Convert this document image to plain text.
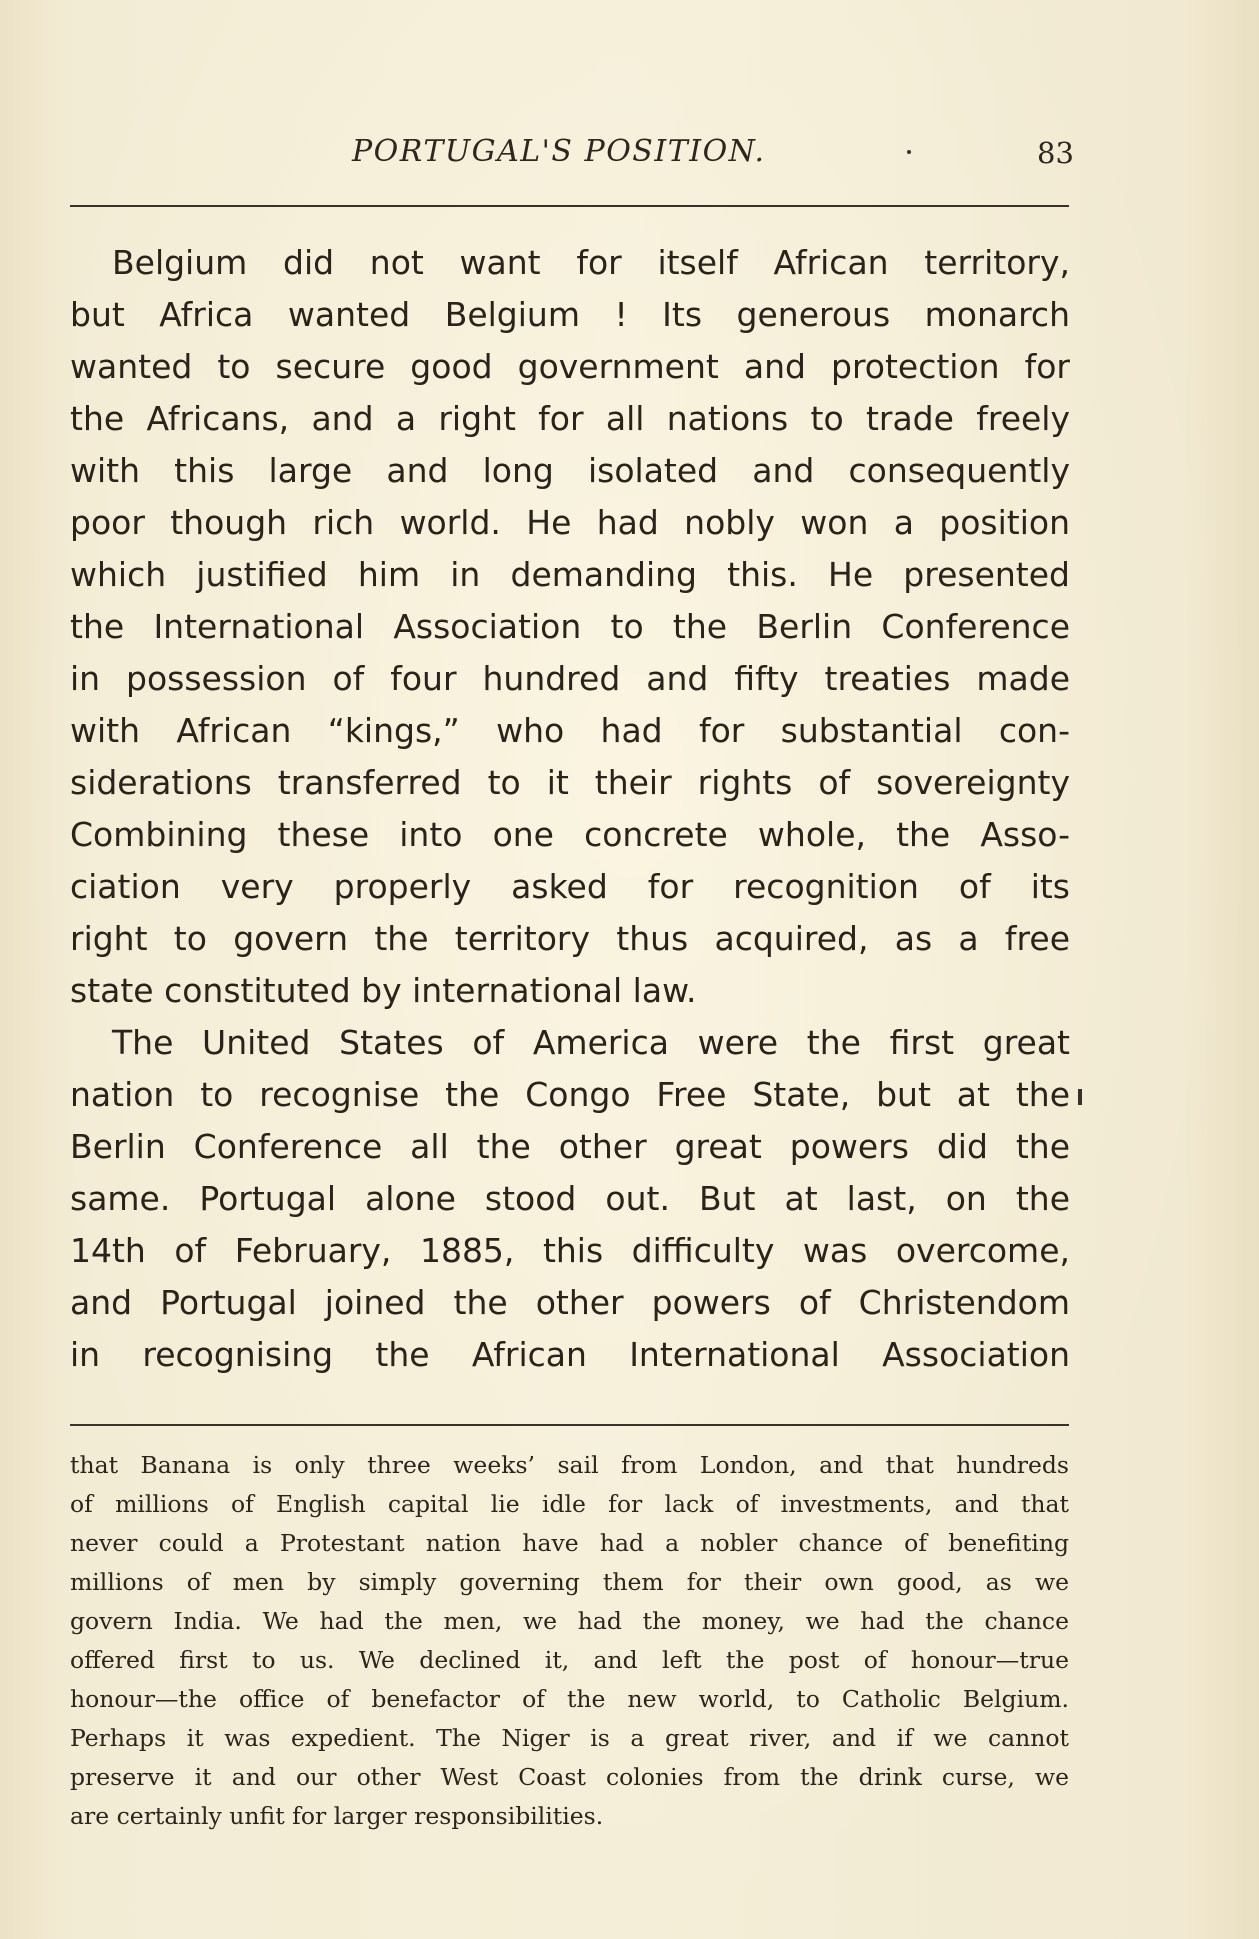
PORTUGAL'S POSITION.	83
Belgium did not want for itself African territory,
but Africa wanted Belgium ! Its generous monarch
wanted to secure good government and protection for
the Africans, and a right for all nations to trade freely
with this large and long isolated and consequently
poor though rich world. He had nobly won a position
which justified him in demanding this. He presented
the International Association to the Berlin Conference
in possession of four hundred and fifty treaties made
with African “kings,” who had for substantial con-
siderations transferred to it their rights of sovereignty
Combining these into one concrete whole, the Asso-
ciation very properly asked for recognition of its
right to govern the territory thus acquired, as a free
state constituted by international law.
The United States of America were the first great
nation to recognise the Congo Free State, but at the
Berlin Conference all the other great powers did the
same. Portugal alone stood out. But at last, on the
14th of February, 1885, this difficulty was overcome,
and Portugal joined the other powers of Christendom
in recognising the African International Association
that Banana is only three weeks’ sail from London, and that hundreds
of millions of English capital lie idle for lack of investments, and that
never could a Protestant nation have had a nobler chance of benefiting
millions of men by simply governing them for their own good, as we
govern India. We had the men, we had the money, we had the chance
offered first to us. We declined it, and left the post of honour—true
honour—the office of benefactor of the new world, to Catholic Belgium.
Perhaps it was expedient. The Niger is a great river, and if we cannot
preserve it and our other West Coast colonies from the drink curse, we
are certainly unfit for larger responsibilities.
